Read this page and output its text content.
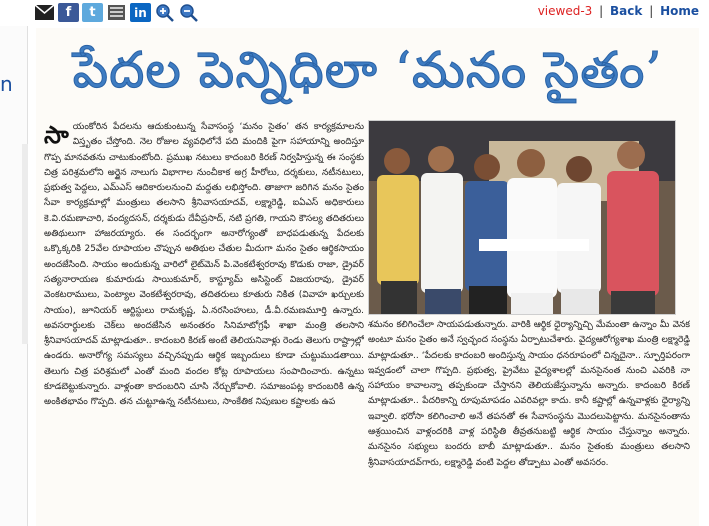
f	t	in	viewed-3 | Back | Home
n	పేదల పెన్నిధిలా ‘మనం సైతం’
సా యంకోరిన పేదలను ఆదుకుంటున్న సేవాసంస్థ ‘మనం సైతం’ తన కార్యక్రమాలను విస్తృతం చేస్తోంది. నెల రోజుల వ్యవధిలోనే పది మందికి పైగా సహాయాన్ని అందిస్తూ గొప్ప మానవతను చాటుకుంటోంది. ప్రముఖ నటులు కాదంబరి కిరణ్ నిర్వహిస్తున్న ఈ సంస్థకు చిత్ర పరిశ్రమలోని అర్థైన నాలుగు విభాగాల నుంచీకాక అగ్ర హీరోలు, దర్శకులు, నటీనటులు, ప్రభుత్వ పెద్దలు, ఎమ్‌ఎస్ ఆదికారులనుంచి మద్దతు లభిస్తోంది. తాజాగా జరిగిన మనం సైతం సేవా కార్యక్రమాల్లో మంత్రులు తలసాని శ్రీనివాసయాదవ్, లక్ష్మారెడ్డి, ఐఏఎస్ అధికారులు కె.వి.రమణాచారి, వంద్యదసన్, దర్శకుడు దేవీప్రసాద్, నటి ప్రగతి, గాయని కౌసల్య తదితరులు అతిథులుగా హాజరయ్యారు. ఈ సందర్భంగా అనారోగ్యంతో బాధపడుతున్న పేదలకు ఒక్కొక్కరికి 25వేల రూపాయల చొప్పున అతిథుల చేతుల మీదుగా మనం సైతం ఆర్థికసాయం అందజేసింది. సాయం అందుకున్న వారిలో లైట్‌మెన్ పి.వెంకటేశ్వరరావు కొడుకు రాజా, డ్రైవర్ సత్యనారాయణ కుమారుడు సాయికుమార్, కాస్ట్యూమ్ అసిస్టెంట్ విజయరావు, డ్రైవర్ వెంకటరాములు, పెంట్యాల వెంకటేశ్వరరావు, తదితరులు కూతురు నికిత (వివాహ ఖర్చులకు సాయం), జూనియర్ ఆర్టిస్టులు రామకృష్ణ, ఏ.నరసింహులు, డీ.వీ.రమణమూర్తి ఉన్నారు. అవసరార్థులకు చెక్‌లు అందజేసిన అనంతరం సినిమాటోగ్రఫీ శాఖా మంత్రి తలసాని శ్రీనివాసయాదవ్ మాట్లాడుతూ.. కాదంబరి కిరణ్ అంటే తెలియనివాళ్లు రెండు తెలుగు రాష్ట్రాల్లో ఉండరు. అనారోగ్య సమస్యలు వచ్చినప్పుడు ఆర్థిక ఇబ్బందులు కూడా చుట్టుముడతాయి. తెలుగు చిత్ర పరిశ్రమలో ఎంతో మంది వందల కోట్ల రూపాయలు సంపాదించారు. ఉన్నటు కూడబెట్టుకున్నారు. వాళ్లంతా కాదంబరిని చూసి నేర్చుకోవాలి. సమాజంపట్ల కాదంబరికి ఉన్న అంకితభావం గొప్పది. తన చుట్టూఉన్న నటీనటులు, సాంకేతిక నిపుణుల కష్టాలకు ఉప

శమనం కలిగించేలా సాయపడుతున్నారు. వారికి ఆర్థిక ధైర్యాన్నిచ్చి మేమంతా ఉన్నాం మీ వెనక అంటూ మనం సైతం అనే స్వచ్ఛంద సంస్థను ఏర్పాటుచేశారు. వైద్యఆరోగ్యశాఖ మంత్రి లక్ష్మారెడ్డి మాట్లాడుతూ.. ‘పేదలకు కాదంబరి అందిస్తున్న సాయం ధనరూపంలో చిన్నదైనా.. స్ఫూర్తిపరంగా ఇవ్వడంలో చాలా గొప్పది. ప్రభుత్వ, ప్రైవేటు వైద్యశాలల్లో మనసైనంత నుంచి ఎవరికి నా సహాయం కావాలన్నా తప్పకుండా చేస్తానని తెలియజేస్తున్నాను అన్నారు. కాదంబరి కిరణ్ మాట్లాడుతూ.. పేదరికాన్ని రూపుమాపడం ఎవరివల్లా కాదు. కానీ కష్టాల్లో ఉన్నవాళ్లకు ధైర్యాన్ని ఇవ్వాలి. భరోసా కలిగించాలి అనే తపనతో ఈ సేవాసంస్థను మొదలుపెట్టాను. మనసైనంతాను ఆశ్రయించిన వాళ్లందరికి వాళ్ల పరిస్థితి తీవ్రతనుబట్టి ఆర్థిక సాయం చేస్తున్నాం అన్నారు. మనసైనం సభ్యులు బందరు బాబీ మాట్లాడుతూ.. మనం సైతంకు మంత్రులు తలసాని శ్రీనివాసయాదవ్‌గారు, లక్ష్మారెడ్డి వంటి పెద్దల తోడ్పాటు ఎంతో అవసరం.
